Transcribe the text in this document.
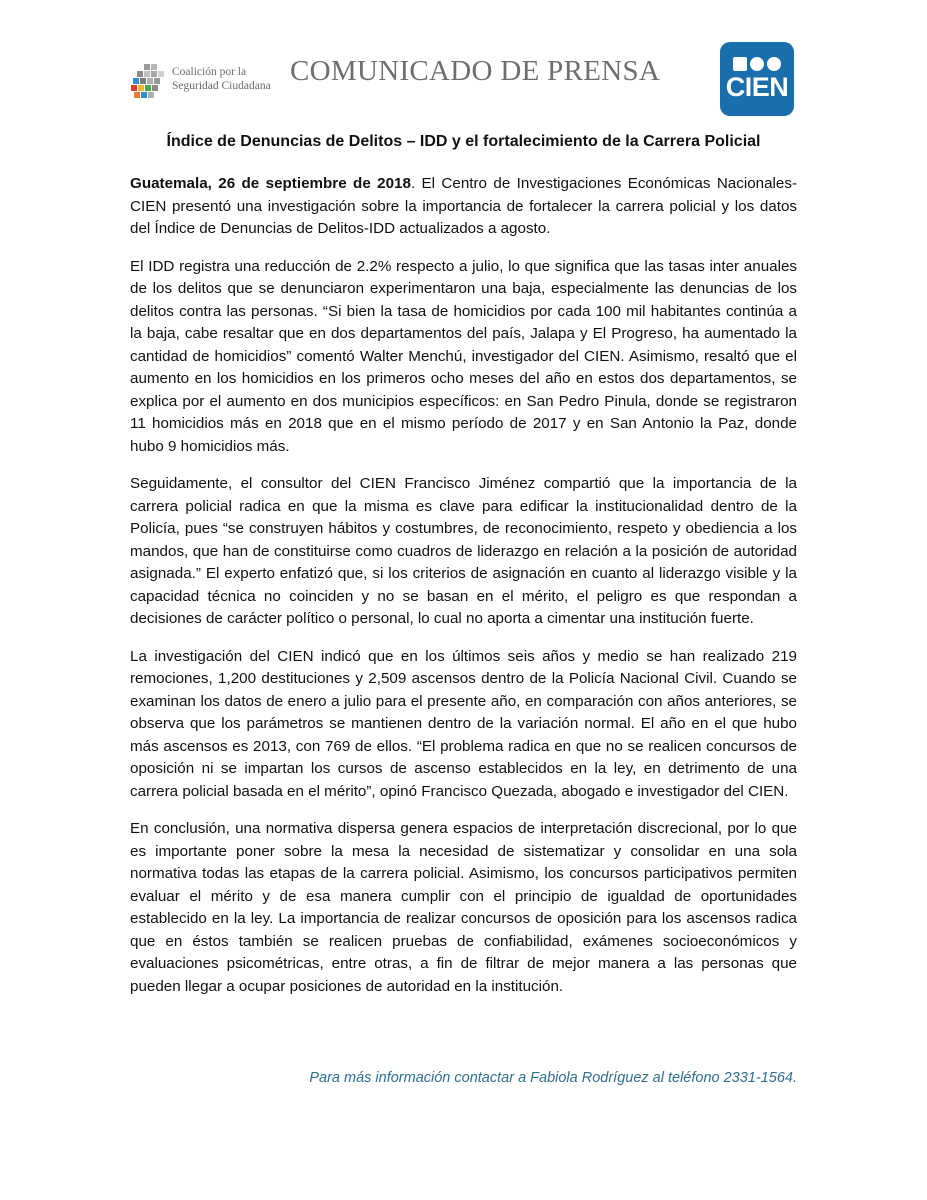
Coalición por la
Seguridad Ciudadana COMUNICADO DE PRENSA CIEN
Índice de Denuncias de Delitos – IDD y el fortalecimiento de la Carrera Policial

Guatemala, 26 de septiembre de 2018. El Centro de Investigaciones Económicas Nacionales- CIEN presentó una investigación sobre la importancia de fortalecer la carrera policial y los datos del Índice de Denuncias de Delitos-IDD actualizados a agosto.

El IDD registra una reducción de 2.2% respecto a julio, lo que significa que las tasas inter anuales de los delitos que se denunciaron experimentaron una baja, especialmente las denuncias de los delitos contra las personas. “Si bien la tasa de homicidios por cada 100 mil habitantes continúa a la baja, cabe resaltar que en dos departamentos del país, Jalapa y El Progreso, ha aumentado la cantidad de homicidios” comentó Walter Menchú, investigador del CIEN. Asimismo, resaltó que el aumento en los homicidios en los primeros ocho meses del año en estos dos departamentos, se explica por el aumento en dos municipios específicos: en San Pedro Pinula, donde se registraron 11 homicidios más en 2018 que en el mismo período de 2017 y en San Antonio la Paz, donde hubo 9 homicidios más.

Seguidamente, el consultor del CIEN Francisco Jiménez compartió que la importancia de la carrera policial radica en que la misma es clave para edificar la institucionalidad dentro de la Policía, pues “se construyen hábitos y costumbres, de reconocimiento, respeto y obediencia a los mandos, que han de constituirse como cuadros de liderazgo en relación a la posición de autoridad asignada.” El experto enfatizó que, si los criterios de asignación en cuanto al liderazgo visible y la capacidad técnica no coinciden y no se basan en el mérito, el peligro es que respondan a decisiones de carácter político o personal, lo cual no aporta a cimentar una institución fuerte.

La investigación del CIEN indicó que en los últimos seis años y medio se han realizado 219 remociones, 1,200 destituciones y 2,509 ascensos dentro de la Policía Nacional Civil. Cuando se examinan los datos de enero a julio para el presente año, en comparación con años anteriores, se observa que los parámetros se mantienen dentro de la variación normal. El año en el que hubo más ascensos es 2013, con 769 de ellos. “El problema radica en que no se realicen concursos de oposición ni se impartan los cursos de ascenso establecidos en la ley, en detrimento de una carrera policial basada en el mérito”, opinó Francisco Quezada, abogado e investigador del CIEN.

En conclusión, una normativa dispersa genera espacios de interpretación discrecional, por lo que es importante poner sobre la mesa la necesidad de sistematizar y consolidar en una sola normativa todas las etapas de la carrera policial. Asimismo, los concursos participativos permiten evaluar el mérito y de esa manera cumplir con el principio de igualdad de oportunidades establecido en la ley. La importancia de realizar concursos de oposición para los ascensos radica que en éstos también se realicen pruebas de confiabilidad, exámenes socioeconómicos y evaluaciones psicométricas, entre otras, a fin de filtrar de mejor manera a las personas que pueden llegar a ocupar posiciones de autoridad en la institución.

Para más información contactar a Fabiola Rodríguez al teléfono 2331-1564.
